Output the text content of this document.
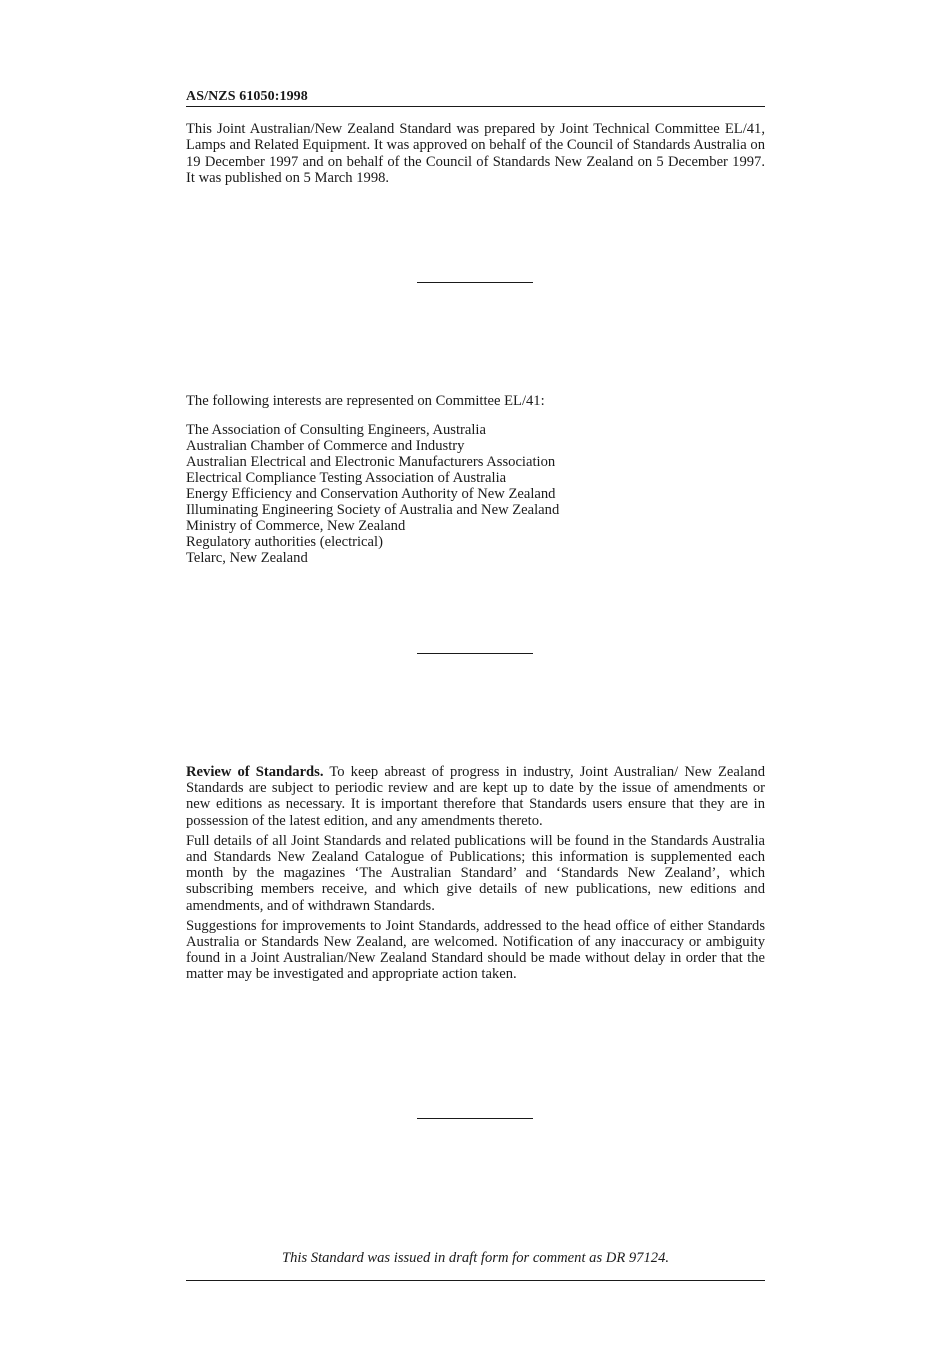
AS/NZS 61050:1998
This Joint Australian/New Zealand Standard was prepared by Joint Technical Committee EL/41, Lamps and Related Equipment. It was approved on behalf of the Council of Standards Australia on 19 December 1997 and on behalf of the Council of Standards New Zealand on 5 December 1997. It was published on 5 March 1998.
The following interests are represented on Committee EL/41:
The Association of Consulting Engineers, Australia
Australian Chamber of Commerce and Industry
Australian Electrical and Electronic Manufacturers Association
Electrical Compliance Testing Association of Australia
Energy Efficiency and Conservation Authority of New Zealand
Illuminating Engineering Society of Australia and New Zealand
Ministry of Commerce, New Zealand
Regulatory authorities (electrical)
Telarc, New Zealand

Review of Standards. To keep abreast of progress in industry, Joint Australian/ New Zealand Standards are subject to periodic review and are kept up to date by the issue of amendments or new editions as necessary. It is important therefore that Standards users ensure that they are in possession of the latest edition, and any amendments thereto.

Full details of all Joint Standards and related publications will be found in the Standards Australia and Standards New Zealand Catalogue of Publications; this information is supplemented each month by the magazines ‘The Australian Standard’ and ‘Standards New Zealand’, which subscribing members receive, and which give details of new publications, new editions and amendments, and of withdrawn Standards.

Suggestions for improvements to Joint Standards, addressed to the head office of either Standards Australia or Standards New Zealand, are welcomed. Notification of any inaccuracy or ambiguity found in a Joint Australian/New Zealand Standard should be made without delay in order that the matter may be investigated and appropriate action taken.

This Standard was issued in draft form for comment as DR 97124.
